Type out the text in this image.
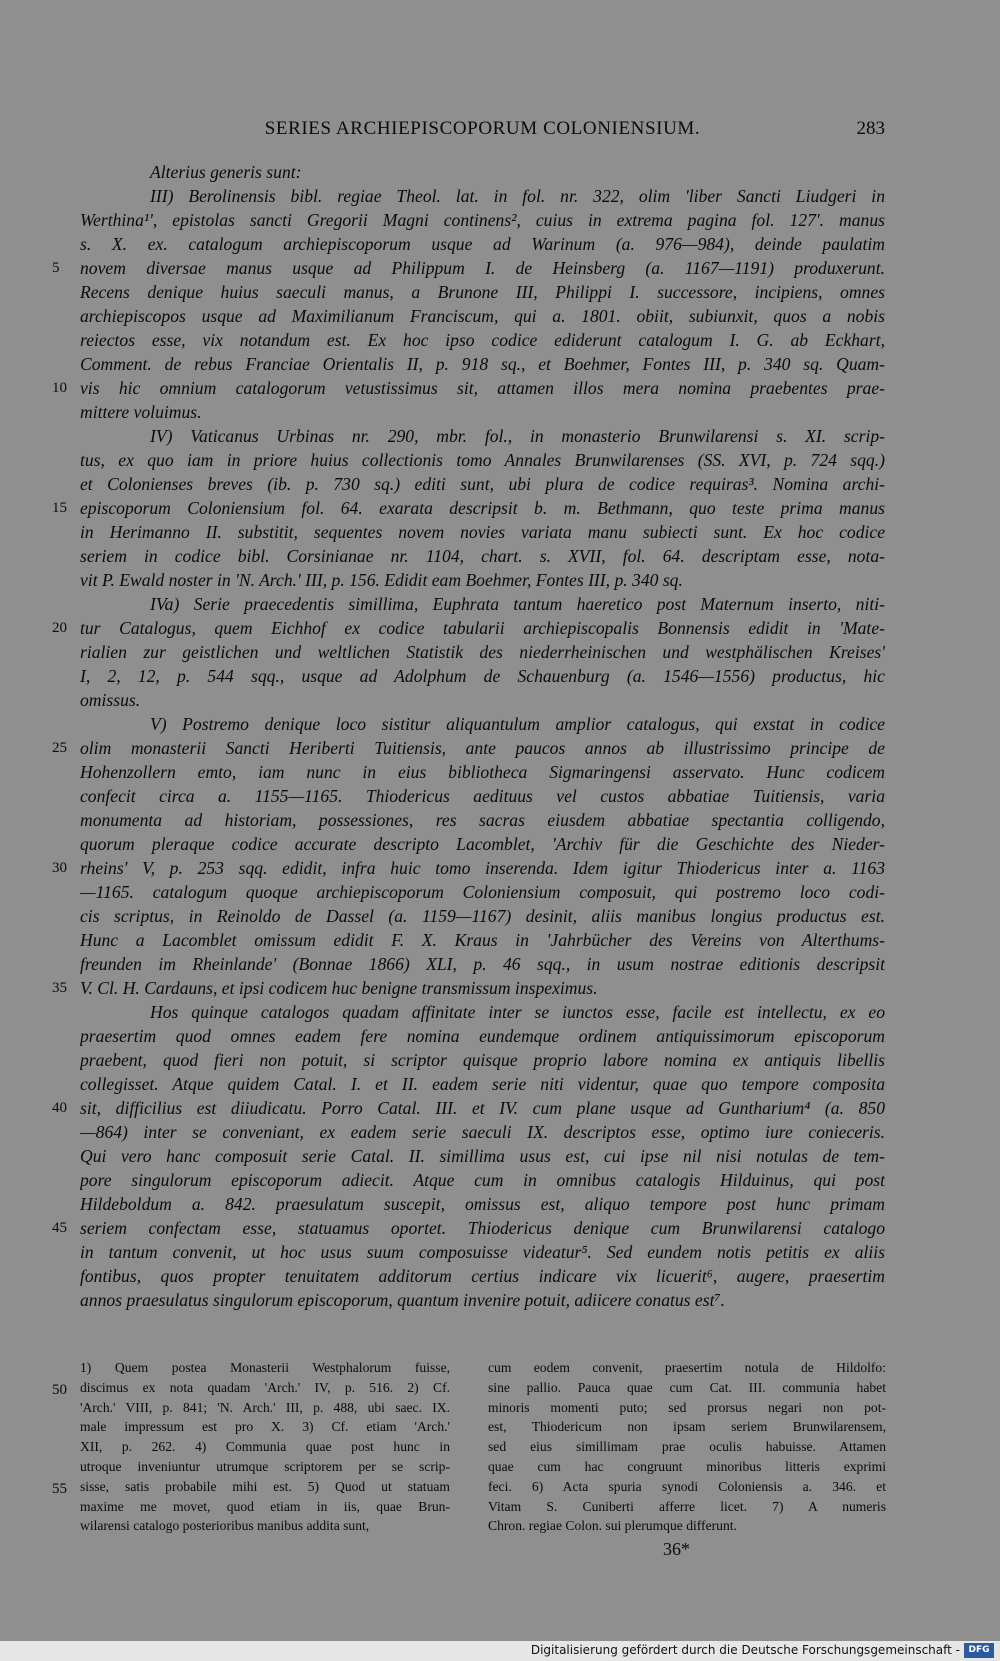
SERIES ARCHIEPISCOPORUM COLONIENSIUM.	283
Alterius generis sunt:
III) Berolinensis bibl. regiae Theol. lat. in fol. nr. 322, olim 'liber Sancti Liudgeri in
Werthina¹', epistolas sancti Gregorii Magni continens², cuius in extrema pagina fol. 127'. manus
s. X. ex. catalogum archiepiscoporum usque ad Warinum (a. 976—984), deinde paulatim
novem diversae manus usque ad Philippum I. de Heinsberg (a. 1167—1191) produxerunt.
Recens denique huius saeculi manus, a Brunone III, Philippi I. successore, incipiens, omnes
archiepiscopos usque ad Maximilianum Franciscum, qui a. 1801. obiit, subiunxit, quos a nobis
reiectos esse, vix notandum est. Ex hoc ipso codice ediderunt catalogum I. G. ab Eckhart,
Comment. de rebus Franciae Orientalis II, p. 918 sq., et Boehmer, Fontes III, p. 340 sq. Quam-
vis hic omnium catalogorum vetustissimus sit, attamen illos mera nomina praebentes prae-
mittere voluimus.
IV) Vaticanus Urbinas nr. 290, mbr. fol., in monasterio Brunwilarensi s. XI. scrip-
tus, ex quo iam in priore huius collectionis tomo Annales Brunwilarenses (SS. XVI, p. 724 sqq.)
et Colonienses breves (ib. p. 730 sq.) editi sunt, ubi plura de codice requiras³. Nomina archi-
episcoporum Coloniensium fol. 64. exarata descripsit b. m. Bethmann, quo teste prima manus
in Herimanno II. substitit, sequentes novem novies variata manu subiecti sunt. Ex hoc codice
seriem in codice bibl. Corsinianae nr. 1104, chart. s. XVII, fol. 64. descriptam esse, nota-
vit P. Ewald noster in 'N. Arch.' III, p. 156. Edidit eam Boehmer, Fontes III, p. 340 sq.
IVa) Serie praecedentis simillima, Euphrata tantum haeretico post Maternum inserto, niti-
tur Catalogus, quem Eichhof ex codice tabularii archiepiscopalis Bonnensis edidit in 'Mate-
rialien zur geistlichen und weltlichen Statistik des niederrheinischen und westphälischen Kreises'
I, 2, 12, p. 544 sqq., usque ad Adolphum de Schauenburg (a. 1546—1556) productus, hic
omissus.
V) Postremo denique loco sistitur aliquantulum amplior catalogus, qui exstat in codice
olim monasterii Sancti Heriberti Tuitiensis, ante paucos annos ab illustrissimo principe de
Hohenzollern emto, iam nunc in eius bibliotheca Sigmaringensi asservato. Hunc codicem
confecit circa a. 1155—1165. Thiodericus aedituus vel custos abbatiae Tuitiensis, varia
monumenta ad historiam, possessiones, res sacras eiusdem abbatiae spectantia colligendo,
quorum pleraque codice accurate descripto Lacomblet, 'Archiv für die Geschichte des Nieder-
rheins' V, p. 253 sqq. edidit, infra huic tomo inserenda. Idem igitur Thiodericus inter a. 1163
—1165. catalogum quoque archiepiscoporum Coloniensium composuit, qui postremo loco codi-
cis scriptus, in Reinoldo de Dassel (a. 1159—1167) desinit, aliis manibus longius productus est.
Hunc a Lacomblet omissum edidit F. X. Kraus in 'Jahrbücher des Vereins von Alterthums-
freunden im Rheinlande' (Bonnae 1866) XLI, p. 46 sqq., in usum nostrae editionis descripsit
V. Cl. H. Cardauns, et ipsi codicem huc benigne transmissum inspeximus.
Hos quinque catalogos quadam affinitate inter se iunctos esse, facile est intellectu, ex eo
praesertim quod omnes eadem fere nomina eundemque ordinem antiquissimorum episcoporum
praebent, quod fieri non potuit, si scriptor quisque proprio labore nomina ex antiquis libellis
collegisset. Atque quidem Catal. I. et II. eadem serie niti videntur, quae quo tempore composita
sit, difficilius est diiudicatu. Porro Catal. III. et IV. cum plane usque ad Guntharium⁴ (a. 850
—864) inter se conveniant, ex eadem serie saeculi IX. descriptos esse, optimo iure conieceris.
Qui vero hanc composuit serie Catal. II. simillima usus est, cui ipse nil nisi notulas de tem-
pore singulorum episcoporum adiecit. Atque cum in omnibus catalogis Hilduinus, qui post
Hildeboldum a. 842. praesulatum suscepit, omissus est, aliquo tempore post hunc primam
seriem confectam esse, statuamus oportet. Thiodericus denique cum Brunwilarensi catalogo
in tantum convenit, ut hoc usus suum composuisse videatur⁵. Sed eundem notis petitis ex aliis
fontibus, quos propter tenuitatem additorum certius indicare vix licuerit⁶, augere, praesertim
annos praesulatus singulorum episcoporum, quantum invenire potuit, adiicere conatus est⁷.
5
10
15
20
25
30
35
40
45
50
55
1) Quem postea Monasterii Westphalorum fuisse,
discimus ex nota quadam 'Arch.' IV, p. 516. 2) Cf.
'Arch.' VIII, p. 841; 'N. Arch.' III, p. 488, ubi saec. IX.
male impressum est pro X. 3) Cf. etiam 'Arch.'
XII, p. 262. 4) Communia quae post hunc in
utroque inveniuntur utrumque scriptorem per se scrip-
sisse, satis probabile mihi est. 5) Quod ut statuam
maxime me movet, quod etiam in iis, quae Brun-
wilarensi catalogo posterioribus manibus addita sunt,
cum eodem convenit, praesertim notula de Hildolfo:
sine pallio. Pauca quae cum Cat. III. communia habet
minoris momenti puto; sed prorsus negari non pot-
est, Thiodericum non ipsam seriem Brunwilarensem,
sed eius simillimam prae oculis habuisse. Attamen
quae cum hac congruunt minoribus litteris exprimi
feci. 6) Acta spuria synodi Coloniensis a. 346. et
Vitam S. Cuniberti afferre licet. 7) A numeris
Chron. regiae Colon. sui plerumque differunt.
36*
Digitalisierung gefördert durch die Deutsche Forschungsgemeinschaft - DFG
